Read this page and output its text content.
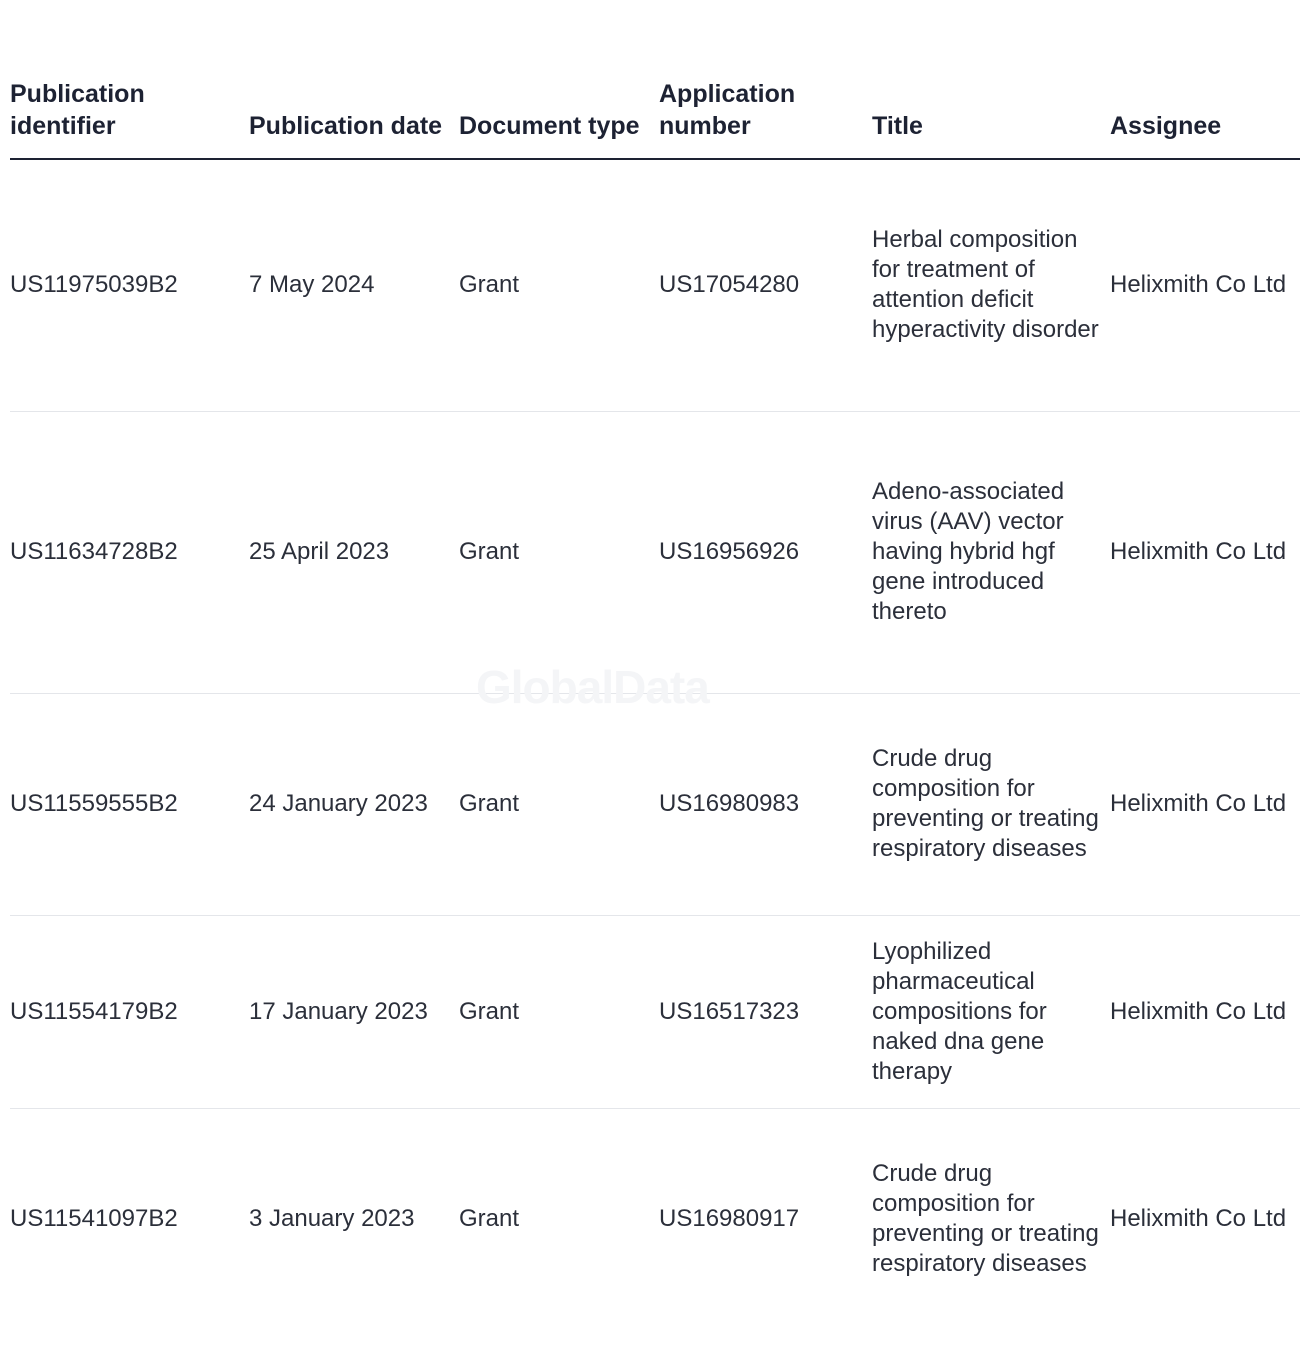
Publication identifier	Publication date	Document type	Application number	Title	Assignee
US11975039B2	7 May 2024	Grant	US17054280	Herbal composition for treatment of attention deficit hyperactivity disorder	Helixmith Co Ltd
US11634728B2	25 April 2023	Grant	US16956926	Adeno-associated virus (AAV) vector having hybrid hgf gene introduced thereto	Helixmith Co Ltd
US11559555B2	24 January 2023	Grant	US16980983	Crude drug composition for preventing or treating respiratory diseases	Helixmith Co Ltd
US11554179B2	17 January 2023	Grant	US16517323	Lyophilized pharmaceutical compositions for naked dna gene therapy	Helixmith Co Ltd
US11541097B2	3 January 2023	Grant	US16980917	Crude drug composition for preventing or treating respiratory diseases	Helixmith Co Ltd
GlobalData
